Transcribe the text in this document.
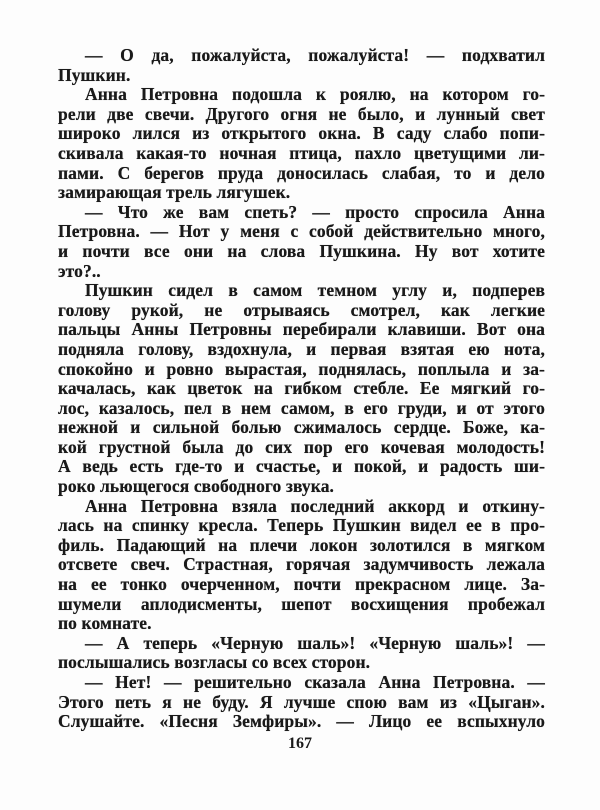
— О да, пожалуйста, пожалуйста! — подхватил
Пушкин.
Анна Петровна подошла к роялю, на котором го-
рели две свечи. Другого огня не было, и лунный свет
широко лился из открытого окна. В саду слабо попи-
скивала какая-то ночная птица, пахло цветущими ли-
пами. С берегов пруда доносилась слабая, то и дело
замирающая трель лягушек.
— Что же вам спеть? — просто спросила Анна
Петровна. — Нот у меня с собой действительно много,
и почти все они на слова Пушкина. Ну вот хотите
это?..
Пушкин сидел в самом темном углу и, подперев
голову рукой, не отрываясь смотрел, как легкие
пальцы Анны Петровны перебирали клавиши. Вот она
подняла голову, вздохнула, и первая взятая ею нота,
спокойно и ровно вырастая, поднялась, поплыла и за-
качалась, как цветок на гибком стебле. Ее мягкий го-
лос, казалось, пел в нем самом, в его груди, и от этого
нежной и сильной болью сжималось сердце. Боже, ка-
кой грустной была до сих пор его кочевая молодость!
А ведь есть где-то и счастье, и покой, и радость ши-
роко льющегося свободного звука.
Анна Петровна взяла последний аккорд и откину-
лась на спинку кресла. Теперь Пушкин видел ее в про-
филь. Падающий на плечи локон золотился в мягком
отсвете свеч. Страстная, горячая задумчивость лежала
на ее тонко очерченном, почти прекрасном лице. За-
шумели аплодисменты, шепот восхищения пробежал
по комнате.
— А теперь «Черную шаль»! «Черную шаль»! —
послышались возгласы со всех сторон.
— Нет! — решительно сказала Анна Петровна. —
Этого петь я не буду. Я лучше спою вам из «Цыган».
Слушайте. «Песня Земфиры». — Лицо ее вспыхнуло
167
